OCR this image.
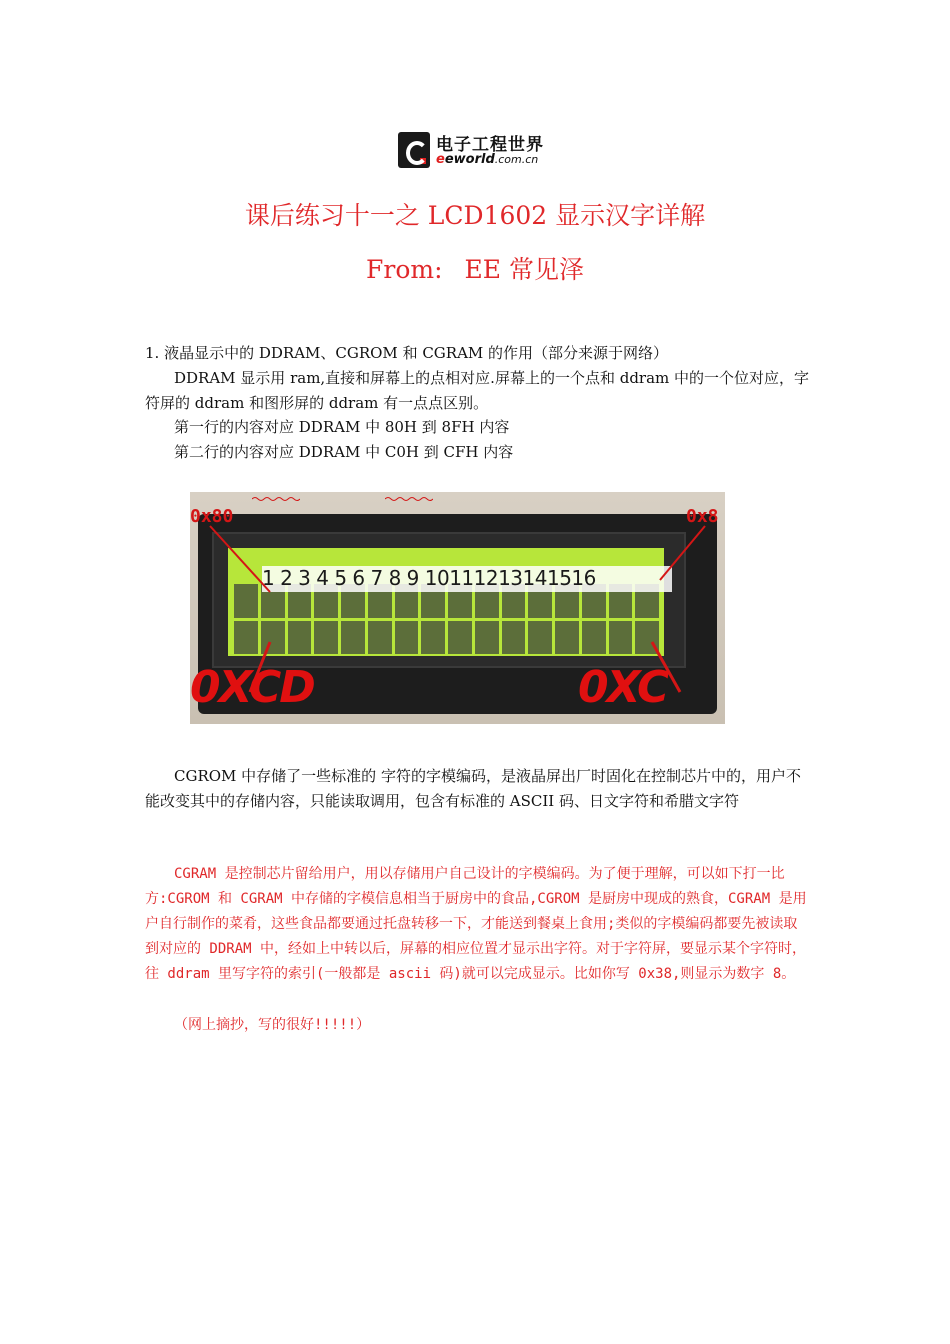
电子工程世界
eeworld.com.cn
课后练习十一之 LCD1602 显示汉字详解
From: EE 常见泽
1. 液晶显示中的 DDRAM、CGROM 和 CGRAM 的作用（部分来源于网络）
DDRAM 显示用 ram,直接和屏幕上的点相对应.屏幕上的一个点和 ddram 中的一个位对应，字符屏的 ddram 和图形屏的 ddram 有一点点区别。
第一行的内容对应 DDRAM 中 80H 到 8FH 内容
第二行的内容对应 DDRAM 中 C0H 到 CFH 内容
1 2 3 4 5 6 7 8 9 10111213141516
0x80	0x8
0XCD	0XC
CGROM 中存储了一些标准的 字符的字模编码，是液晶屏出厂时固化在控制芯片中的，用户不能改变其中的存储内容，只能读取调用，包含有标准的 ASCII 码、日文字符和希腊文字符
CGRAM 是控制芯片留给用户，用以存储用户自己设计的字模编码。为了便于理解，可以如下打一比方:CGROM 和 CGRAM 中存储的字模信息相当于厨房中的食品,CGROM 是厨房中现成的熟食，CGRAM 是用户自行制作的菜肴，这些食品都要通过托盘转移一下，才能送到餐桌上食用;类似的字模编码都要先被读取到对应的 DDRAM 中，经如上中转以后，屏幕的相应位置才显示出字符。对于字符屏，要显示某个字符时，往 ddram 里写字符的索引(一般都是 ascii 码)就可以完成显示。比如你写 0x38,则显示为数字 8。
（网上摘抄，写的很好!!!!!）
